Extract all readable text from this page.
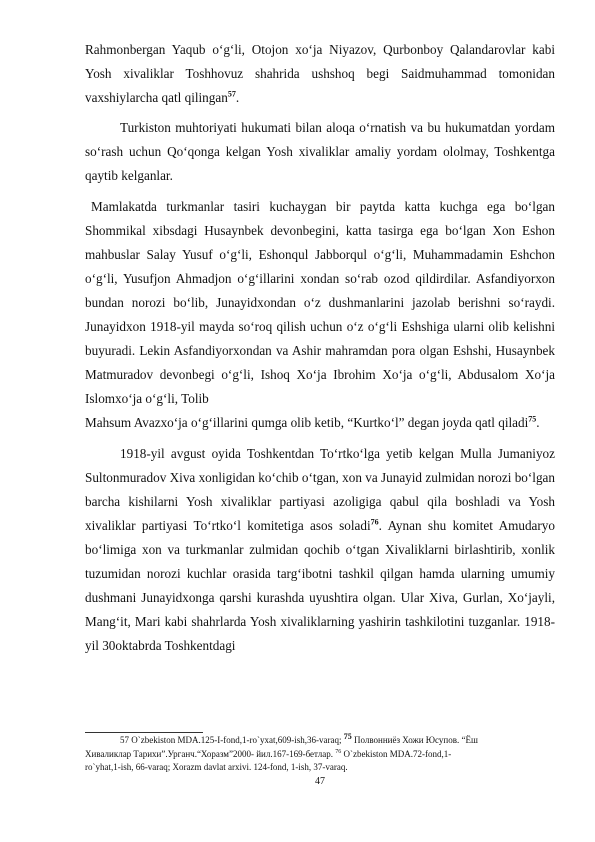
Rahmonbergan Yaqub o‘g‘li, Otojon xo‘ja Niyazov, Qurbonboy Qalandarovlar kabi Yosh xivaliklar Toshhovuz shahrida ushshoq begi Saidmuhammad tomonidan vaxshiylarcha qatl qilingan$^{57}$.

Turkiston muhtoriyati hukumati bilan aloqa o‘rnatish va bu hukumatdan yordam so‘rash uchun Qo‘qonga kelgan Yosh xivaliklar amaliy yordam ololmay, Toshkentga qaytib kelganlar.

Mamlakatda turkmanlar tasiri kuchaygan bir paytda katta kuchga ega bo‘lgan Shommikal xibsdagi Husaynbek devonbegini, katta tasirga ega bo‘lgan Xon Eshon mahbuslar Salay Yusuf o‘g‘li, Eshonqul Jabborqul o‘g‘li, Muhammadamin Eshchon o‘g‘li, Yusufjon Ahmadjon o‘g‘illarini xondan so‘rab ozod qildirdilar. Asfandiyorxon bundan norozi bo‘lib, Junayidxondan o‘z dushmanlarini jazolab berishni so‘raydi. Junayidxon 1918-yil mayda so‘roq qilish uchun o‘z o‘g‘li Eshshiga ularni olib kelishni buyuradi. Lekin Asfandiyorxondan va Ashir mahramdan pora olgan Eshshi, Husaynbek Matmuradov devonbegi o‘g‘li, Ishoq Xo‘ja Ibrohim Xo‘ja o‘g‘li, Abdusalom Xo‘ja Islomxo‘ja o‘g‘li, Tolib

Mahsum Avazxo‘ja o‘g‘illarini qumga olib ketib, “Kurtko‘l” degan joyda qatl qiladi$^{75}$.

1918-yil avgust oyida Toshkentdan To‘rtko‘lga yetib kelgan Mulla Jumaniyoz Sultonmuradov Xiva xonligidan ko‘chib o‘tgan, xon va Junayid zulmidan norozi bo‘lgan barcha kishilarni Yosh xivaliklar partiyasi azoligiga qabul qila boshladi va Yosh xivaliklar partiyasi To‘rtko‘l komitetiga asos soladi$^{76}$. Aynan shu komitet Amudaryo bo‘limiga xon va turkmanlar zulmidan qochib o‘tgan Xivaliklarni birlashtirib, xonlik tuzumidan norozi kuchlar orasida targ‘ibotni tashkil qilgan hamda ularning umumiy dushmani Junayidxonga qarshi kurashda uyushtira olgan. Ular Xiva, Gurlan, Xo‘jayli, Mang‘it, Mari kabi shahrlarda Yosh xivaliklarning yashirin tashkilotini tuzganlar. 1918-yil 30oktabrda Toshkentdagi

57 O`zbekiston MDA.125-I-fond,1-ro`yxat,609-ish,36-varaq; $^{75}$ Полвонниёз Хожи Юсупов. “Ёш
Хиваликлар Тарихи”.Урганч.“Хоразм”2000- йил.167-169-бетлар. $^{76}$ O`zbekiston MDA.72-fond,1-
ro`yhat,1-ish, 66-varaq; Xorazm davlat arxivi. 124-fond, 1-ish, 37-varaq.
47
